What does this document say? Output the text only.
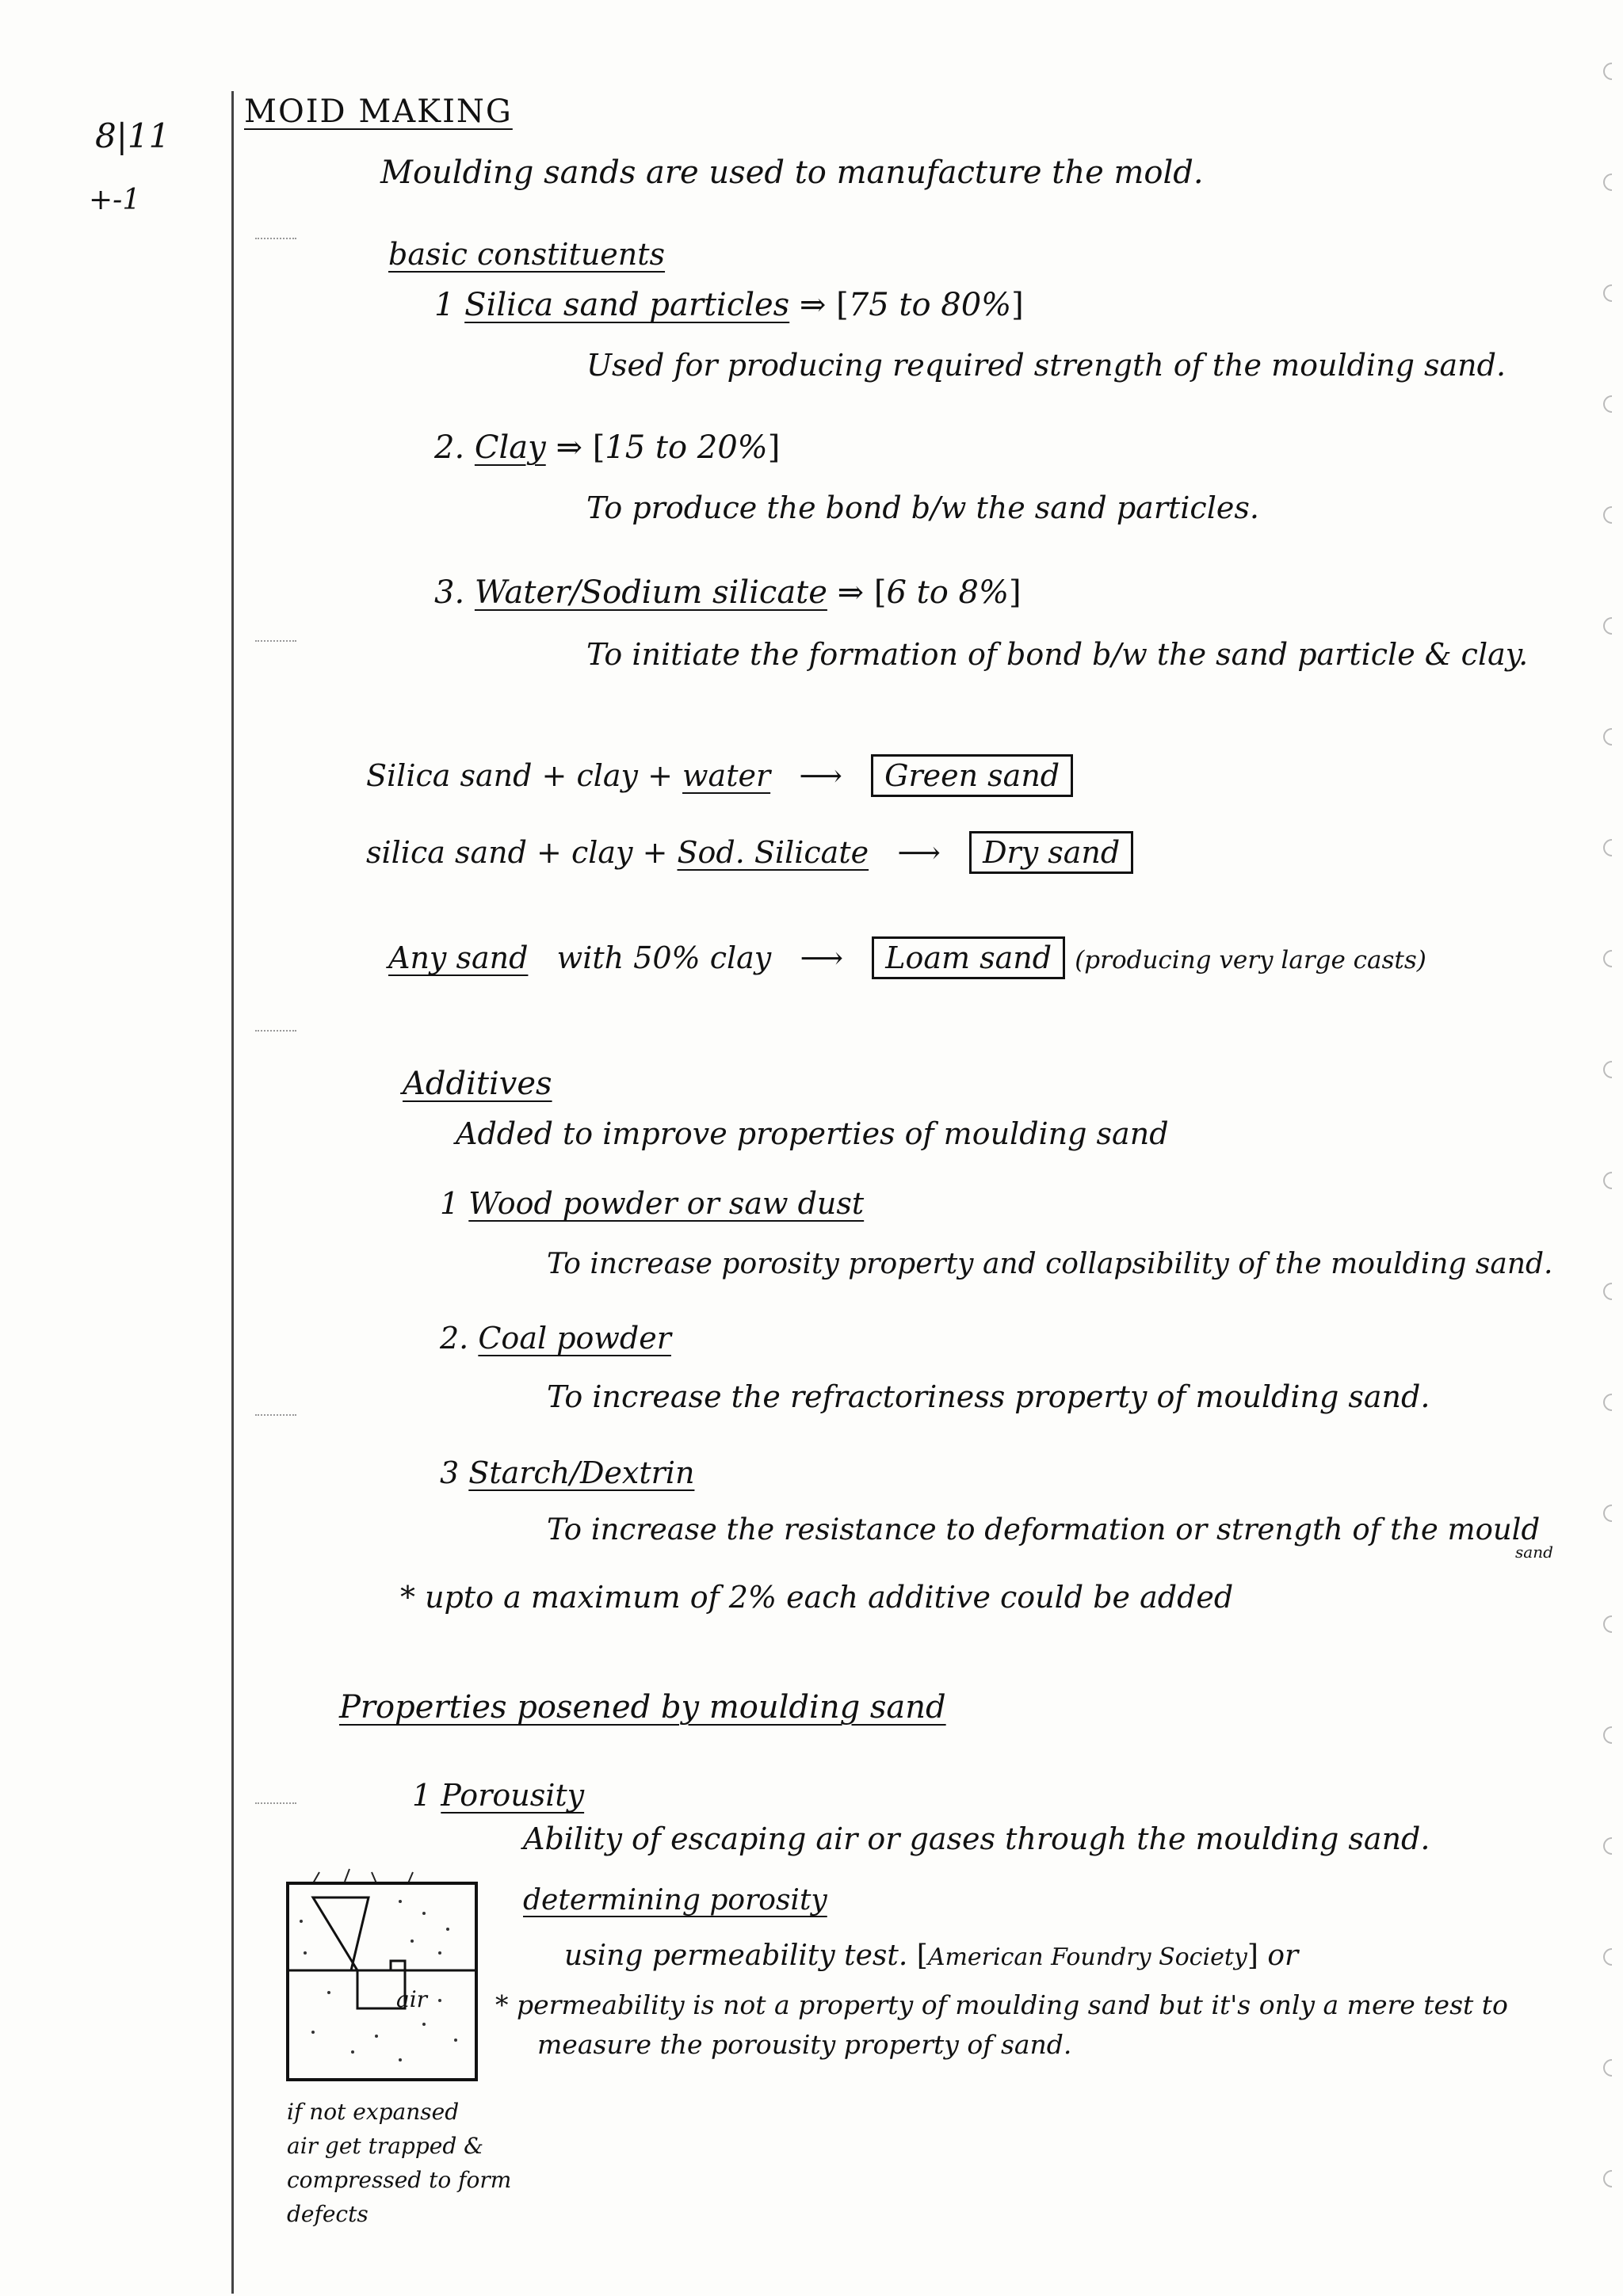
8|11
+-1
MOID MAKING
Moulding sands are used to manufacture the mold.
basic constituents
1 Silica sand particles ⇒ [75 to 80%]
Used for producing required strength of the moulding sand.
2. Clay ⇒ [15 to 20%]
To produce the bond b/w the sand particles.
3. Water/Sodium silicate ⇒ [6 to 8%]
To initiate the formation of bond b/w the sand particle & clay.
Silica sand + clay + water   ⟶   Green sand
silica sand + clay + Sod. Silicate   ⟶   Dry sand
Any sand with 50% clay   ⟶   Loam sand (producing very large casts)
Additives
Added to improve properties of moulding sand
1 Wood powder or saw dust
To increase porosity property and collapsibility of the moulding sand.
2. Coal powder
To increase the refractoriness property of moulding sand.
3 Starch/Dextrin
To increase the resistance to deformation or strength of the mould
sand
* upto a maximum of 2% each additive could be added
Properties posened by moulding sand
1 Porousity
Ability of escaping air or gases through the moulding sand.
determining porosity
using permeability test. [American Foundry Society] or
* permeability is not a property of moulding sand but it's only a mere test to
measure the porousity property of sand.
air
if not expansed
air get trapped &
compressed to form
defects
